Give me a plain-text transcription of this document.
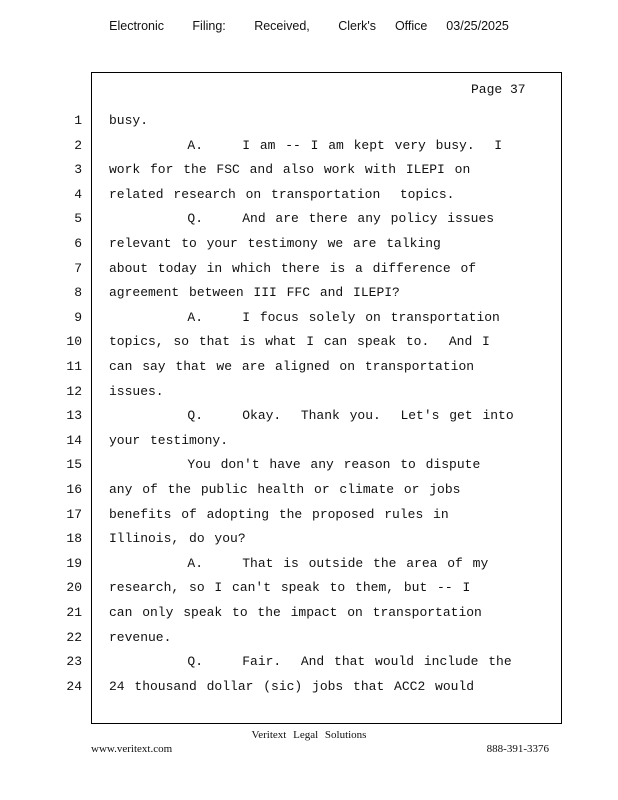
Electronic   Filing:   Received,   Clerk's  Office  03/25/2025
Page 37
1 busy.
2 A.    I am -- I am kept very busy.  I
3 work for the FSC and also work with ILEPI on
4 related research on transportation  topics.
5 Q.    And are there any policy issues
6 relevant to your testimony we are talking
7 about today in which there is a difference of
8 agreement between III FFC and ILEPI?
9 A.    I focus solely on transportation
10 topics, so that is what I can speak to.  And I
11 can say that we are aligned on transportation
12 issues.
13 Q.    Okay.  Thank you.  Let's get into
14 your testimony.
15 You don't have any reason to dispute
16 any of the public health or climate or jobs
17 benefits of adopting the proposed rules in
18 Illinois, do you?
19 A.    That is outside the area of my
20 research, so I can't speak to them, but -- I
21 can only speak to the impact on transportation
22 revenue.
23 Q.    Fair.  And that would include the
24 24 thousand dollar (sic) jobs that ACC2 would
Veritext Legal Solutions
www.veritext.com	888-391-3376
